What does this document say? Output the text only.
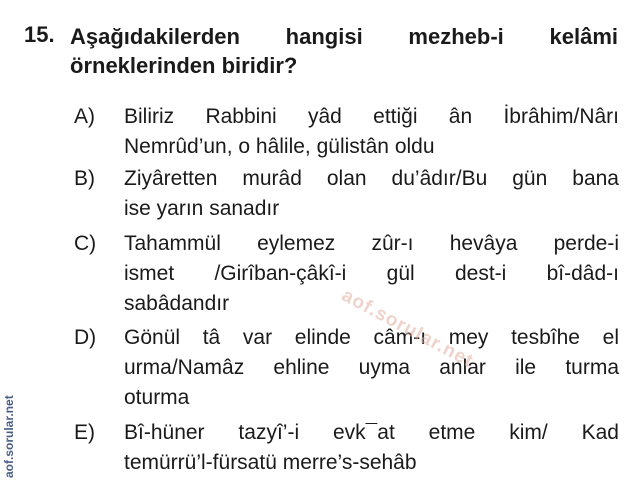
15. Aşağıdakilerden hangisi mezheb-i kelâmi
örneklerinden biridir?
A) Biliriz Rabbini yâd ettiği ân İbrâhim/Nârı
Nemrûd’un, o hâlile, gülistân oldu
B) Ziyâretten murâd olan du’âdır/Bu gün bana
ise yarın sanadır
C) Tahammül eylemez zûr-ı hevâya perde-i
ismet /Girîban-çâkî-i gül dest-i bî-dâd-ı
sabâdandır
D) Gönül tâ var elinde câm-ı mey tesbîhe el
urma/Namâz ehline uyma anlar ile turma
oturma
E) Bî-hüner tazyî’-i evk¯at etme kim/ Kad
temürrü’l-fürsatü merre’s-sehâb
aof.sorular.net
aof.sorular.net
